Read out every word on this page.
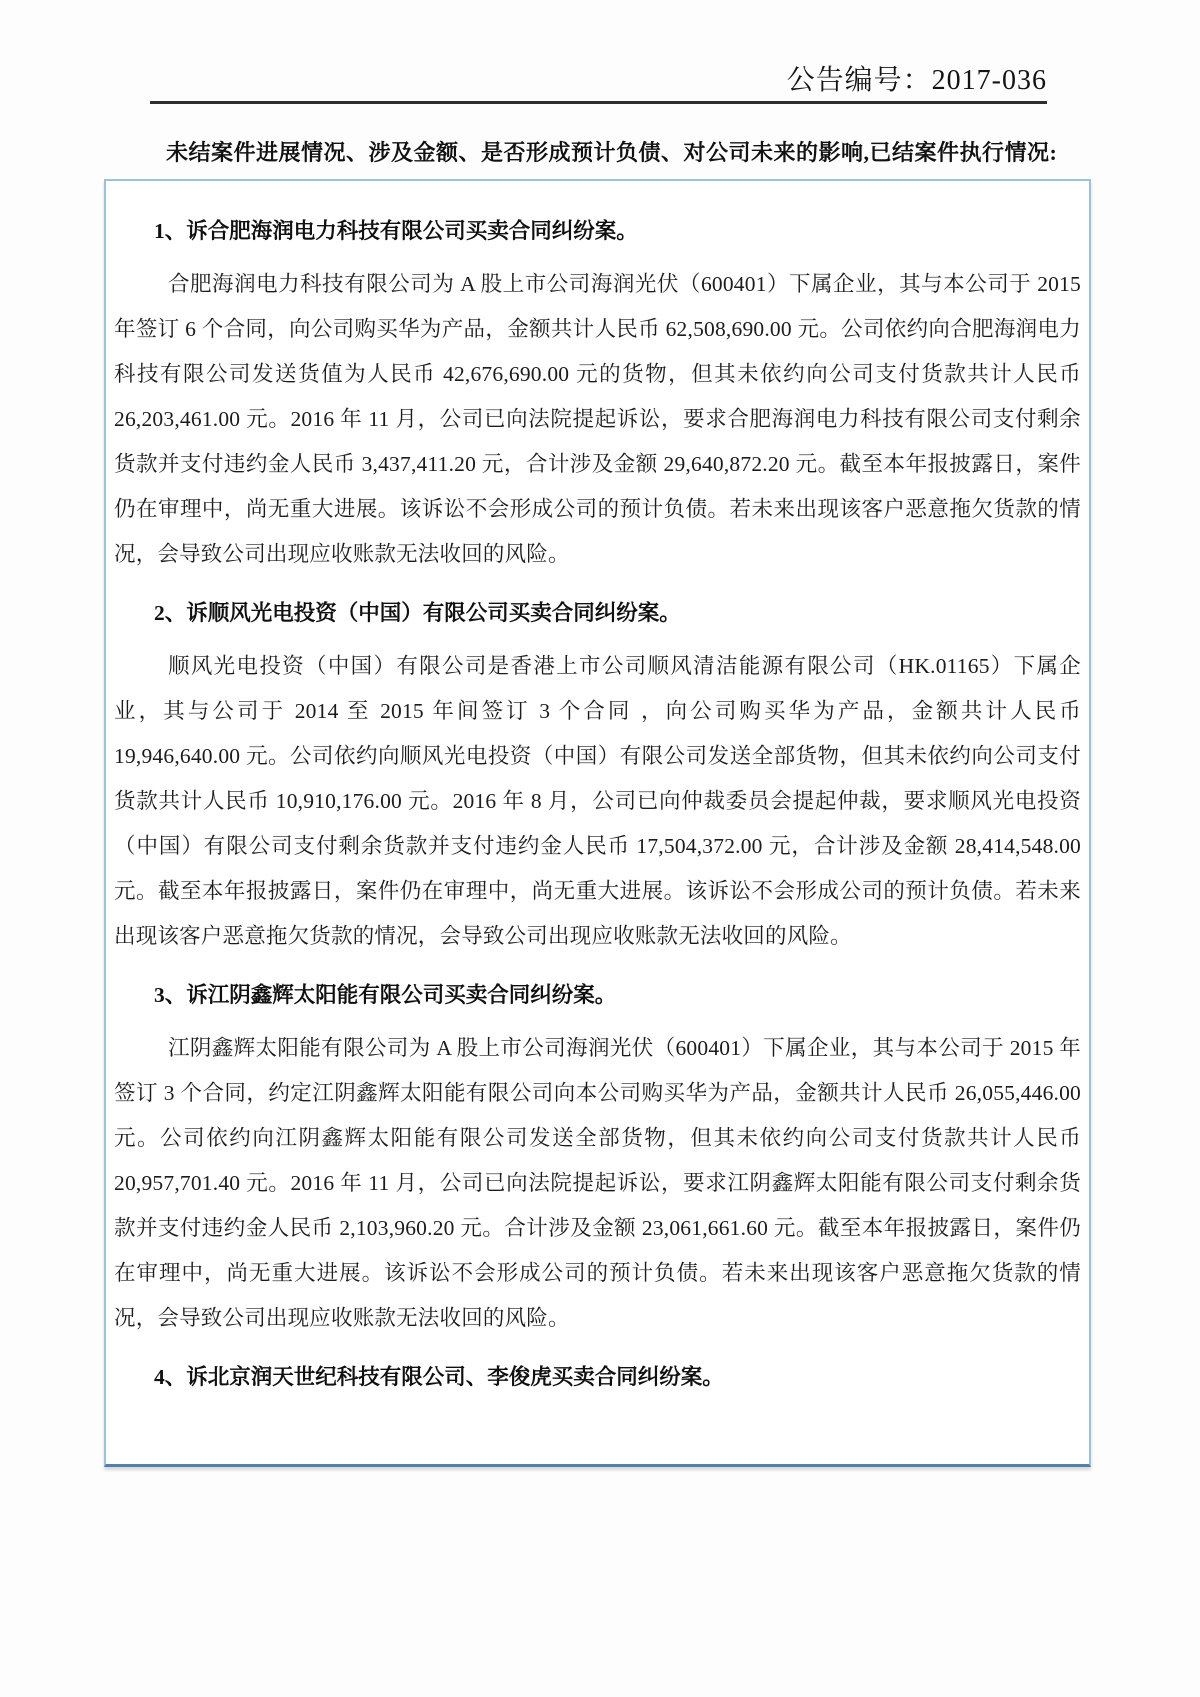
公告编号：2017-036
未结案件进展情况、涉及金额、是否形成预计负债、对公司未来的影响,已结案件执行情况:
1、诉合肥海润电力科技有限公司买卖合同纠纷案。

合肥海润电力科技有限公司为 A 股上市公司海润光伏（600401）下属企业，其与本公司于 2015 年签订 6 个合同，向公司购买华为产品，金额共计人民币 62,508,690.00 元。公司依约向合肥海润电力科技有限公司发送货值为人民币 42,676,690.00 元的货物，但其未依约向公司支付货款共计人民币 26,203,461.00 元。2016 年 11 月，公司已向法院提起诉讼，要求合肥海润电力科技有限公司支付剩余货款并支付违约金人民币 3,437,411.20 元，合计涉及金额 29,640,872.20 元。截至本年报披露日，案件仍在审理中，尚无重大进展。该诉讼不会形成公司的预计负债。若未来出现该客户恶意拖欠货款的情况，会导致公司出现应收账款无法收回的风险。

2、诉顺风光电投资（中国）有限公司买卖合同纠纷案。

顺风光电投资（中国）有限公司是香港上市公司顺风清洁能源有限公司（HK.01165）下属企业，其与公司于 2014 至 2015 年间签订 3 个合同 ，向公司购买华为产品，金额共计人民币 19,946,640.00 元。公司依约向顺风光电投资（中国）有限公司发送全部货物，但其未依约向公司支付货款共计人民币 10,910,176.00 元。2016 年 8 月，公司已向仲裁委员会提起仲裁，要求顺风光电投资（中国）有限公司支付剩余货款并支付违约金人民币 17,504,372.00 元，合计涉及金额 28,414,548.00 元。截至本年报披露日，案件仍在审理中，尚无重大进展。该诉讼不会形成公司的预计负债。若未来出现该客户恶意拖欠货款的情况，会导致公司出现应收账款无法收回的风险。

3、诉江阴鑫辉太阳能有限公司买卖合同纠纷案。

江阴鑫辉太阳能有限公司为 A 股上市公司海润光伏（600401）下属企业，其与本公司于 2015 年签订 3 个合同，约定江阴鑫辉太阳能有限公司向本公司购买华为产品，金额共计人民币 26,055,446.00 元。公司依约向江阴鑫辉太阳能有限公司发送全部货物，但其未依约向公司支付货款共计人民币 20,957,701.40 元。2016 年 11 月，公司已向法院提起诉讼，要求江阴鑫辉太阳能有限公司支付剩余货款并支付违约金人民币 2,103,960.20 元。合计涉及金额 23,061,661.60 元。截至本年报披露日，案件仍在审理中，尚无重大进展。该诉讼不会形成公司的预计负债。若未来出现该客户恶意拖欠货款的情况，会导致公司出现应收账款无法收回的风险。

4、诉北京润天世纪科技有限公司、李俊虎买卖合同纠纷案。
